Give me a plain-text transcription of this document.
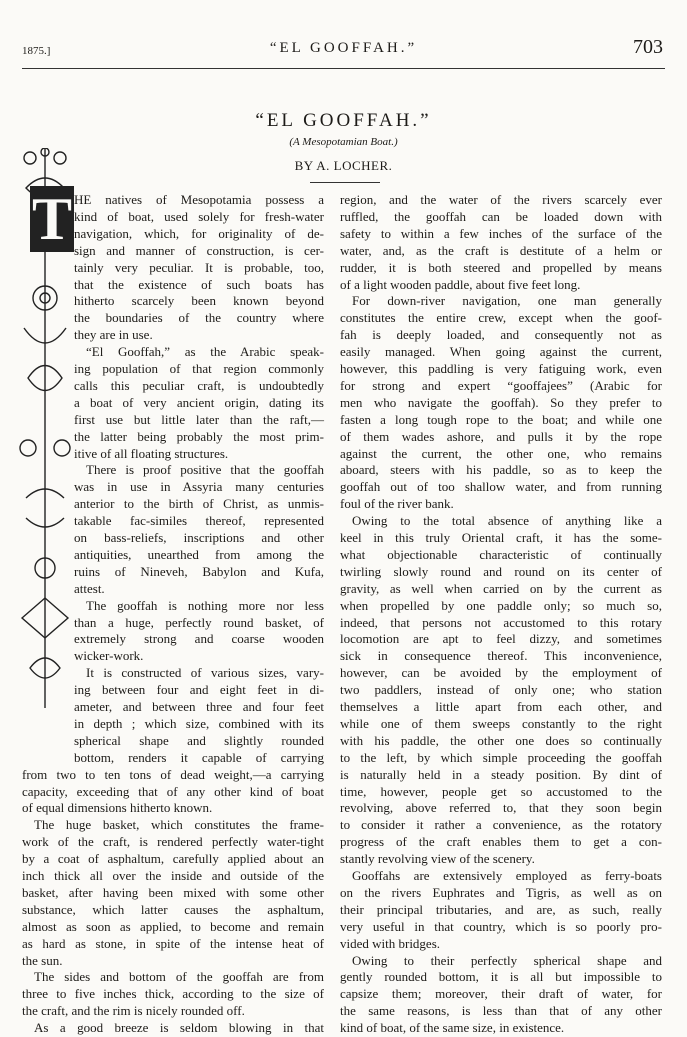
1875.]	“EL GOOFFAH.”	703
“EL GOOFFAH.”
(A Mesopotamian Boat.)
BY A. LOCHER.
T HE natives of Mesopotamia possess a
kind of boat, used solely for fresh-water
navigation, which, for originality of de-
sign and manner of construction, is cer-
tainly very peculiar. It is probable, too,
that the existence of such boats has
hitherto scarcely been known beyond
the boundaries of the country where
they are in use.
“El Gooffah,” as the Arabic speak-
ing population of that region commonly
calls this peculiar craft, is undoubtedly
a boat of very ancient origin, dating its
first use but little later than the raft,—
the latter being probably the most prim-
itive of all floating structures.
There is proof positive that the gooffah
was in use in Assyria many centuries
anterior to the birth of Christ, as unmis-
takable fac-similes thereof, represented
on bass-reliefs, inscriptions and other
antiquities, unearthed from among the
ruins of Nineveh, Babylon and Kufa,
attest.
The gooffah is nothing more nor less
than a huge, perfectly round basket, of
extremely strong and coarse wooden
wicker-work.
It is constructed of various sizes, vary-
ing between four and eight feet in di-
ameter, and between three and four feet
in depth ; which size, combined with its
spherical shape and slightly rounded
bottom, renders it capable of carrying
from two to ten tons of dead weight,—a carrying
capacity, exceeding that of any other kind of boat
of equal dimensions hitherto known.
The huge basket, which constitutes the frame-
work of the craft, is rendered perfectly water-tight
by a coat of asphaltum, carefully applied about an
inch thick all over the inside and outside of the
basket, after having been mixed with some other
substance, which latter causes the asphaltum,
almost as soon as applied, to become and remain
as hard as stone, in spite of the intense heat of
the sun.
The sides and bottom of the gooffah are from
three to five inches thick, according to the size of
the craft, and the rim is nicely rounded off.
As a good breeze is seldom blowing in that
region, and the water of the rivers scarcely ever
ruffled, the gooffah can be loaded down with
safety to within a few inches of the surface of the
water, and, as the craft is destitute of a helm or
rudder, it is both steered and propelled by means
of a light wooden paddle, about five feet long.
For down-river navigation, one man generally
constitutes the entire crew, except when the goof-
fah is deeply loaded, and consequently not as
easily managed. When going against the current,
however, this paddling is very fatiguing work, even
for strong and expert “gooffajees” (Arabic for
men who navigate the gooffah). So they prefer to
fasten a long tough rope to the boat; and while one
of them wades ashore, and pulls it by the rope
against the current, the other one, who remains
aboard, steers with his paddle, so as to keep the
gooffah out of too shallow water, and from running
foul of the river bank.
Owing to the total absence of anything like a
keel in this truly Oriental craft, it has the some-
what objectionable characteristic of continually
twirling slowly round and round on its center of
gravity, as well when carried on by the current as
when propelled by one paddle only; so much so,
indeed, that persons not accustomed to this rotary
locomotion are apt to feel dizzy, and sometimes
sick in consequence thereof. This inconvenience,
however, can be avoided by the employment of
two paddlers, instead of only one; who station
themselves a little apart from each other, and
while one of them sweeps constantly to the right
with his paddle, the other one does so continually
to the left, by which simple proceeding the gooffah
is naturally held in a steady position. By dint of
time, however, people get so accustomed to the
revolving, above referred to, that they soon begin
to consider it rather a convenience, as the rotatory
progress of the craft enables them to get a con-
stantly revolving view of the scenery.
Gooffahs are extensively employed as ferry-boats
on the rivers Euphrates and Tigris, as well as on
their principal tributaries, and are, as such, really
very useful in that country, which is so poorly pro-
vided with bridges.
Owing to their perfectly spherical shape and
gently rounded bottom, it is all but impossible to
capsize them; moreover, their draft of water, for
the same reasons, is less than that of any other
kind of boat, of the same size, in existence.
